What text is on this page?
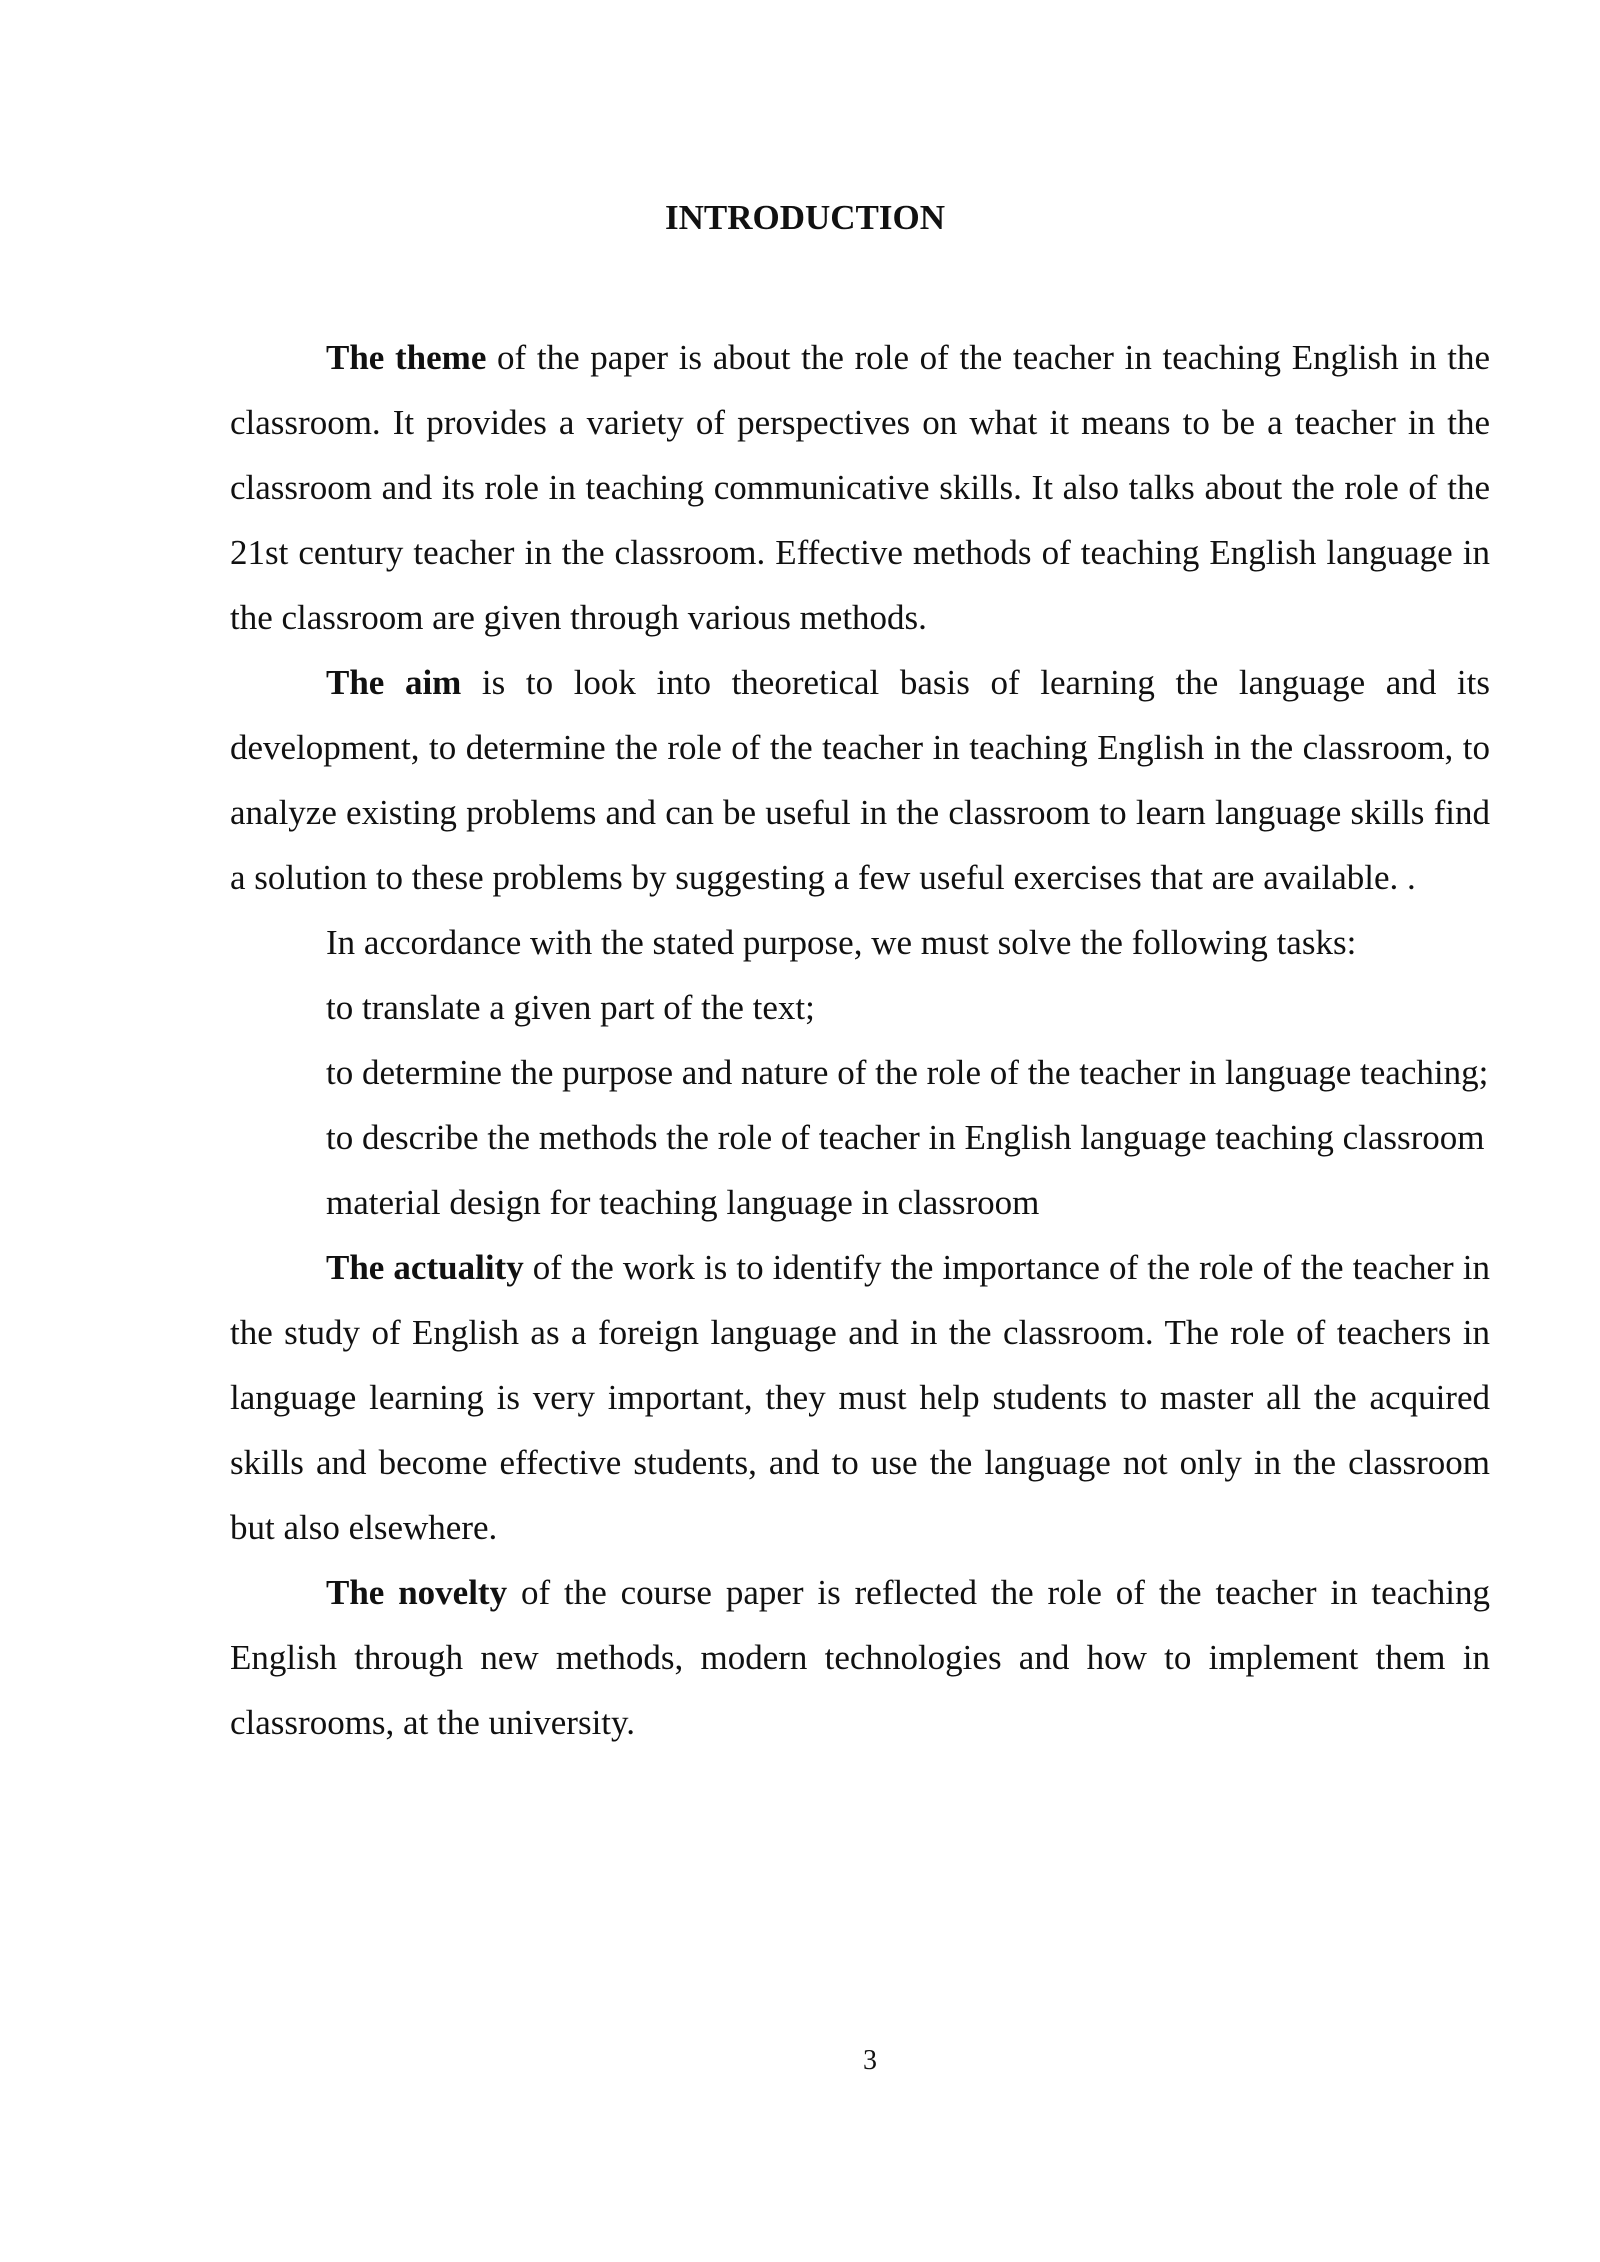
INTRODUCTION

The theme of the paper is about the role of the teacher in teaching English in the classroom. It provides a variety of perspectives on what it means to be a teacher in the classroom and its role in teaching communicative skills. It also talks about the role of the 21st century teacher in the classroom. Effective methods of teaching English language in the classroom are given through various methods.

The aim is to look into theoretical basis of learning the language and its development, to determine the role of the teacher in teaching English in the classroom, to analyze existing problems and can be useful in the classroom to learn language skills find a solution to these problems by suggesting a few useful exercises that are available. .

In accordance with the stated purpose, we must solve the following tasks:

to translate a given part of the text;

to determine the purpose and nature of the role of the teacher in language teaching;

to describe the methods the role of teacher in English language teaching classroom

material design for teaching language in classroom

The actuality of the work is to identify the importance of the role of the teacher in the study of English as a foreign language and in the classroom. The role of teachers in language learning is very important, they must help students to master all the acquired skills and become effective students, and to use the language not only in the classroom but also elsewhere.

The novelty of the course paper is reflected the role of the teacher in teaching English through new methods, modern technologies and how to implement them in classrooms, at the university.

3
